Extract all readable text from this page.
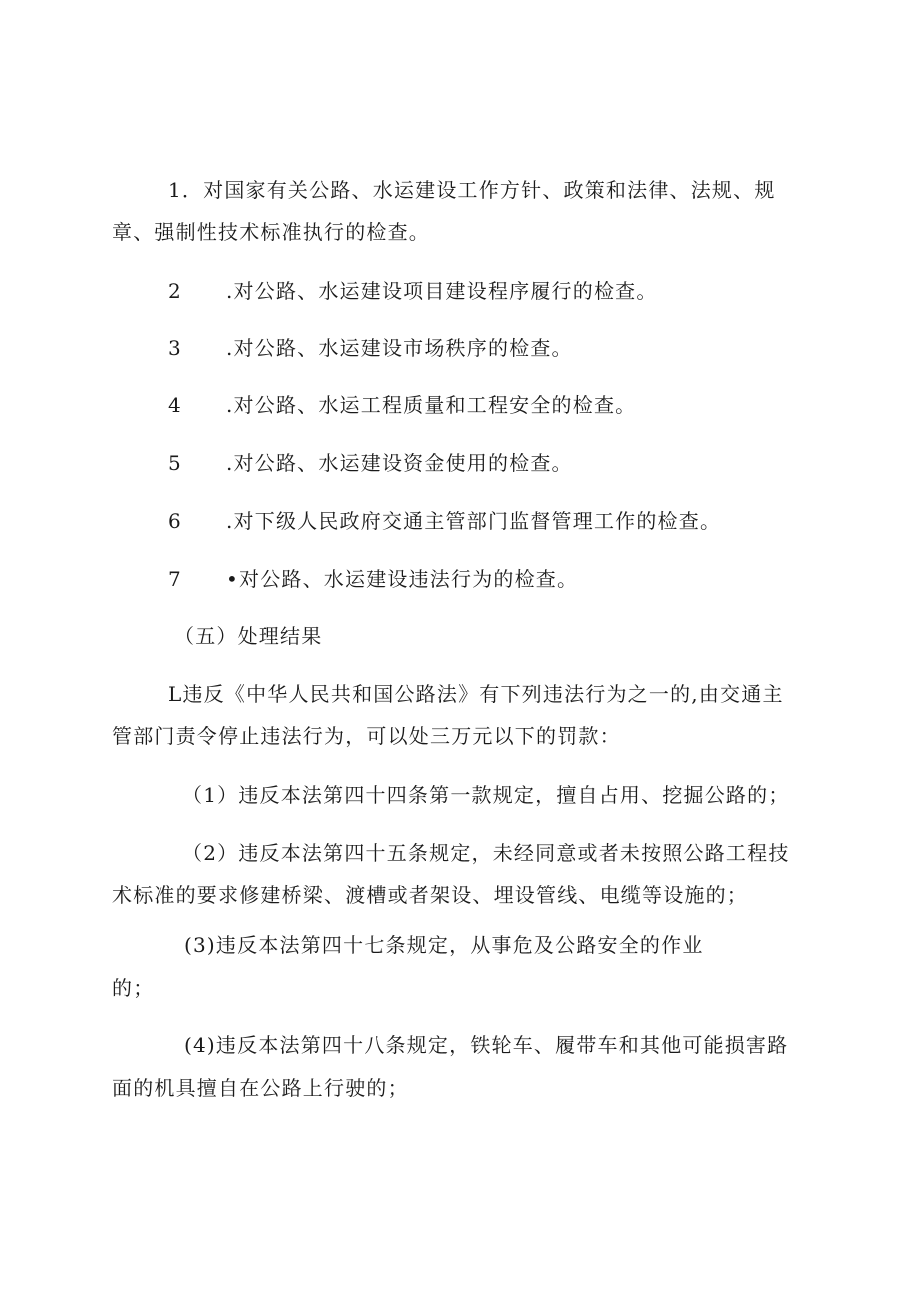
1．对国家有关公路、水运建设工作方针、政策和法律、法规、规
章、强制性技术标准执行的检查。
2 .对公路、水运建设项目建设程序履行的检查。
3 .对公路、水运建设市场秩序的检查。
4 .对公路、水运工程质量和工程安全的检查。
5 .对公路、水运建设资金使用的检查。
6 .对下级人民政府交通主管部门监督管理工作的检查。
7 •对公路、水运建设违法行为的检查。
（五）处理结果
L违反《中华人民共和国公路法》有下列违法行为之一的,由交通主
管部门责令停止违法行为，可以处三万元以下的罚款：
（1）违反本法第四十四条第一款规定，擅自占用、挖掘公路的；
（2）违反本法第四十五条规定，未经同意或者未按照公路工程技
术标准的要求修建桥梁、渡槽或者架设、埋设管线、电缆等设施的；
(3)违反本法第四十七条规定，从事危及公路安全的作业
的；
(4)违反本法第四十八条规定，铁轮车、履带车和其他可能损害路
面的机具擅自在公路上行驶的；
